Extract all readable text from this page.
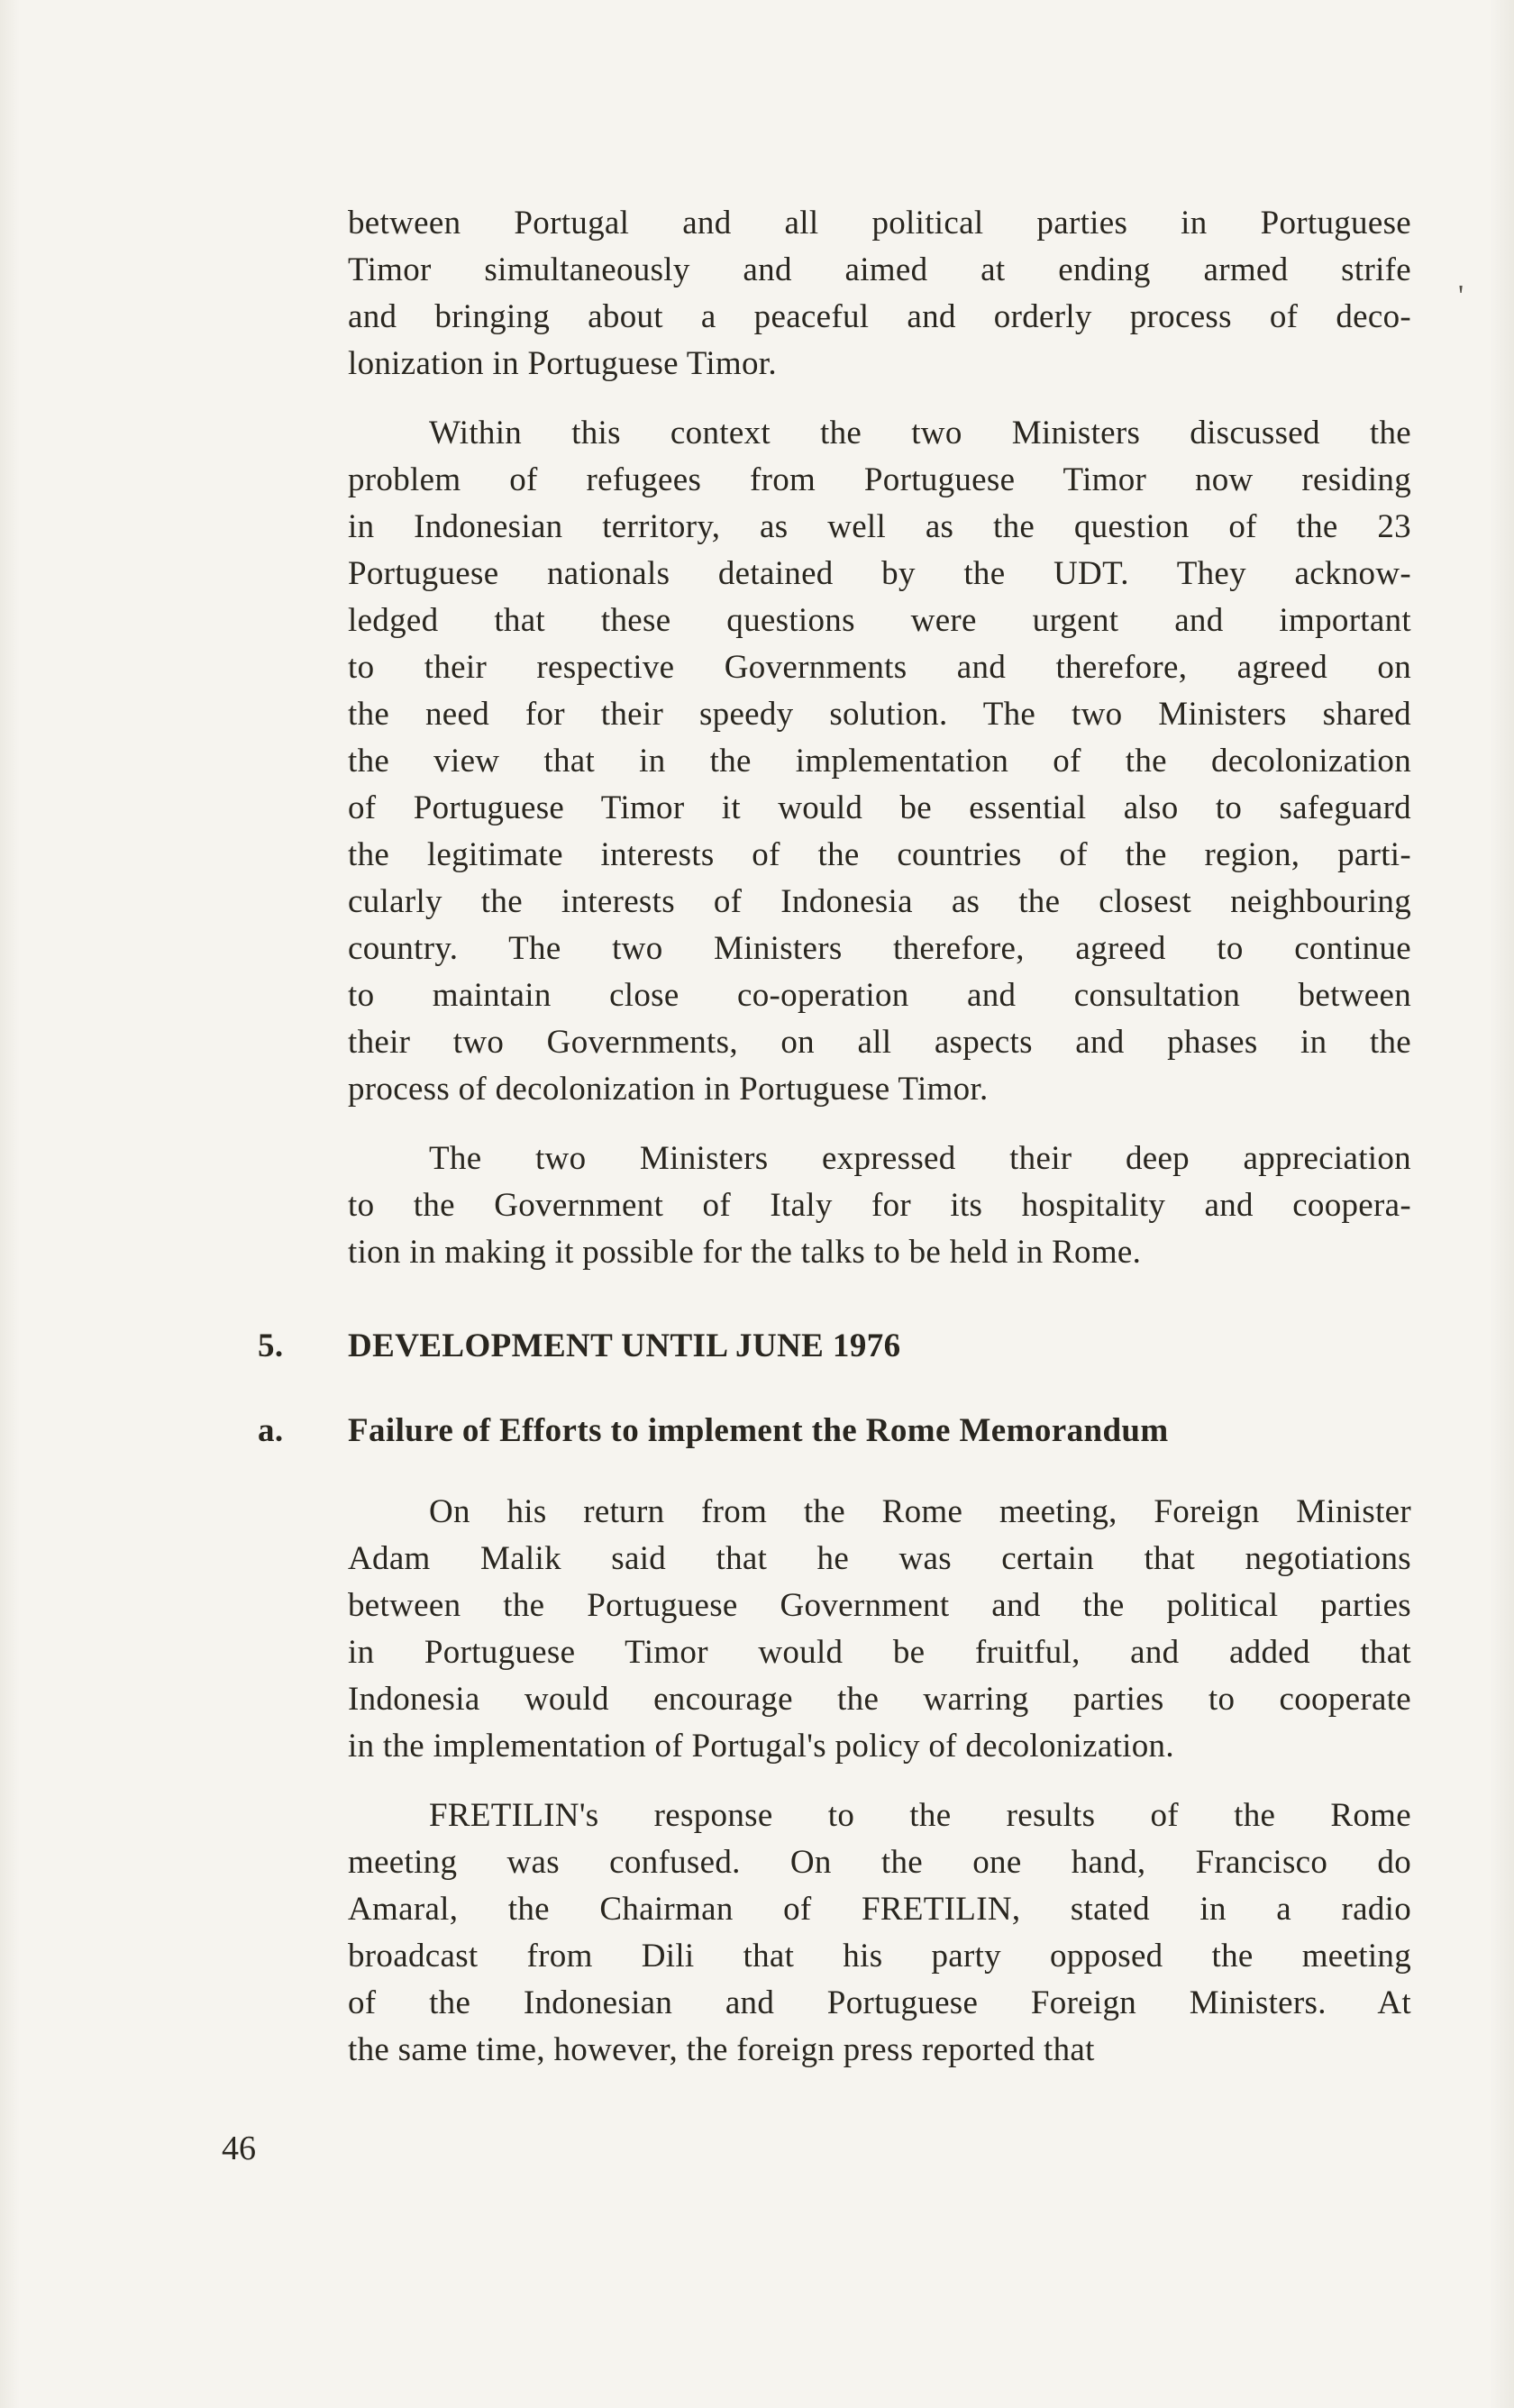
'
between Portugal and all political parties in Portuguese
Timor simultaneously and aimed at ending armed strife
and bringing about a peaceful and orderly process of deco-
lonization in Portuguese Timor.
Within this context the two Ministers discussed the
problem of refugees from Portuguese Timor now residing
in Indonesian territory, as well as the question of the 23
Portuguese nationals detained by the UDT. They acknow-
ledged that these questions were urgent and important
to their respective Governments and therefore, agreed on
the need for their speedy solution. The two Ministers shared
the view that in the implementation of the decolonization
of Portuguese Timor it would be essential also to safeguard
the legitimate interests of the countries of the region, parti-
cularly the interests of Indonesia as the closest neighbouring
country. The two Ministers therefore, agreed to continue
to maintain close co-operation and consultation between
their two Governments, on all aspects and phases in the
process of decolonization in Portuguese Timor.
The two Ministers expressed their deep appreciation
to the Government of Italy for its hospitality and coopera-
tion in making it possible for the talks to be held in Rome.
5. DEVELOPMENT UNTIL JUNE 1976
a. Failure of Efforts to implement the Rome Memorandum
On his return from the Rome meeting, Foreign Minister
Adam Malik said that he was certain that negotiations
between the Portuguese Government and the political parties
in Portuguese Timor would be fruitful, and added that
Indonesia would encourage the warring parties to cooperate
in the implementation of Portugal's policy of decolonization.
FRETILIN's response to the results of the Rome
meeting was confused. On the one hand, Francisco do
Amaral, the Chairman of FRETILIN, stated in a radio
broadcast from Dili that his party opposed the meeting
of the Indonesian and Portuguese Foreign Ministers. At
the same time, however, the foreign press reported that
46
